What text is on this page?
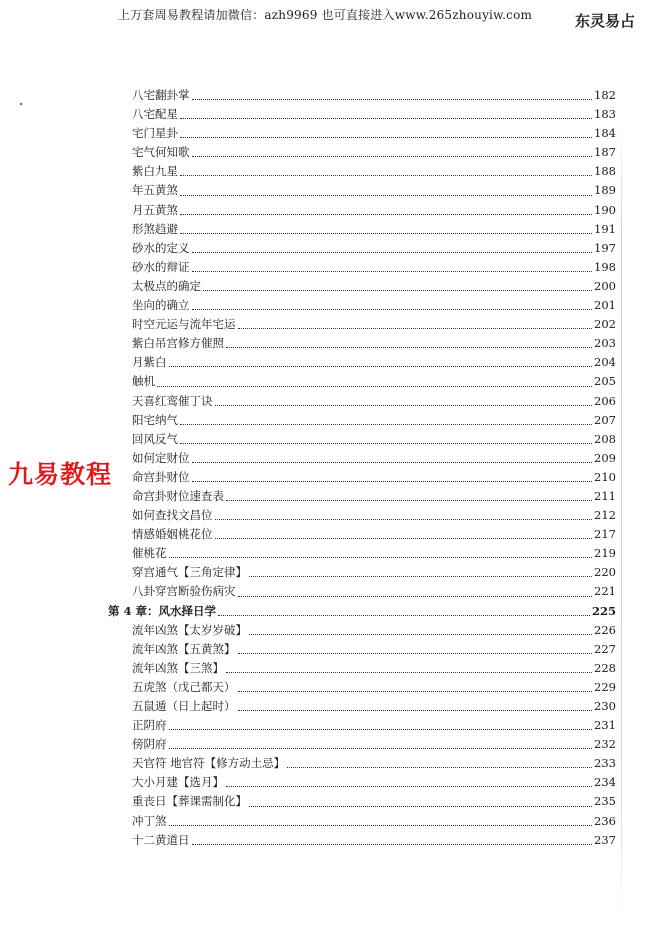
上万套周易教程请加微信：azh9969 也可直接进入www.265zhouyiw.com	东灵易占
九易教程
八宅翻卦掌	182
八宅配星	183
宅门星卦	184
宅气何知歌	187
紫白九星	188
年五黄煞	189
月五黄煞	190
形煞趋避	191
砂水的定义	197
砂水的辩证	198
太极点的确定	200
坐向的确立	201
时空元运与流年宅运	202
紫白吊宫修方催照	203
月紫白	204
触机	205
天喜红鸾催丁诀	206
阳宅纳气	207
回风反气	208
如何定财位	209
命宫卦财位	210
命宫卦财位速查表	211
如何查找文昌位	212
情感婚姻桃花位	217
催桃花	219
穿宫通气【三角定律】	220
八卦穿宫断验伤病灾	221
第 4 章：风水择日学	225
流年凶煞【太岁岁破】	226
流年凶煞【五黄煞】	227
流年凶煞【三煞】	228
五虎煞（戊己都天）	229
五鼠遁（日上起时）	230
正阴府	231
傍阴府	232
天官符 地官符【修方动土忌】	233
大小月建【选月】	234
重丧日【葬课需制化】	235
冲丁煞	236
十二黄道日	237
